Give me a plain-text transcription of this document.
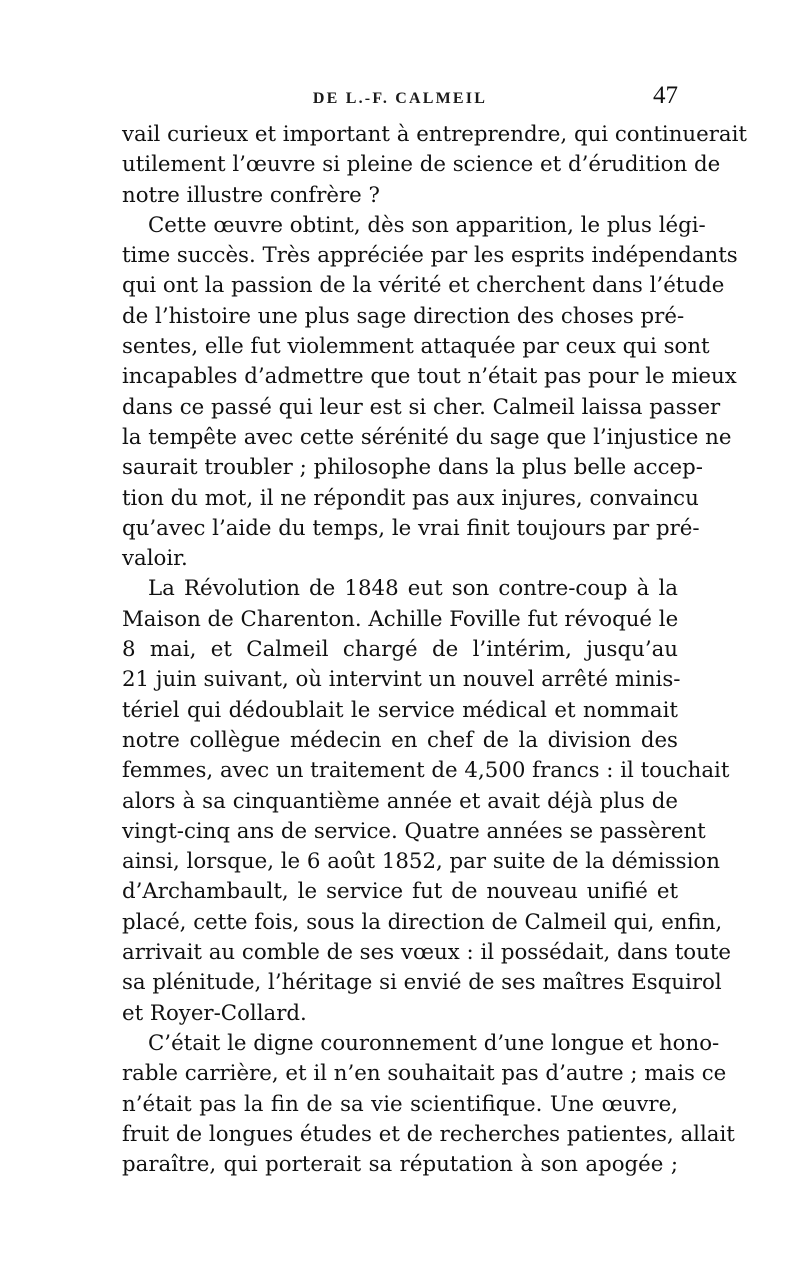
DE L.-F. CALMEIL	47
vail curieux et important à entreprendre, qui continuerait
utilement l’œuvre si pleine de science et d’érudition de
notre illustre confrère ?
Cette œuvre obtint, dès son apparition, le plus légi-
time succès. Très appréciée par les esprits indépendants
qui ont la passion de la vérité et cherchent dans l’étude
de l’histoire une plus sage direction des choses pré-
sentes, elle fut violemment attaquée par ceux qui sont
incapables d’admettre que tout n’était pas pour le mieux
dans ce passé qui leur est si cher. Calmeil laissa passer
la tempête avec cette sérénité du sage que l’injustice ne
saurait troubler ; philosophe dans la plus belle accep-
tion du mot, il ne répondit pas aux injures, convaincu
qu’avec l’aide du temps, le vrai finit toujours par pré-
valoir.
La Révolution de 1848 eut son contre-coup à la
Maison de Charenton. Achille Foville fut révoqué le
8 mai, et Calmeil chargé de l’intérim, jusqu’au
21 juin suivant, où intervint un nouvel arrêté minis-
tériel qui dédoublait le service médical et nommait
notre collègue médecin en chef de la division des
femmes, avec un traitement de 4,500 francs : il touchait
alors à sa cinquantième année et avait déjà plus de
vingt-cinq ans de service. Quatre années se passèrent
ainsi, lorsque, le 6 août 1852, par suite de la démission
d’Archambault, le service fut de nouveau unifié et
placé, cette fois, sous la direction de Calmeil qui, enfin,
arrivait au comble de ses vœux : il possédait, dans toute
sa plénitude, l’héritage si envié de ses maîtres Esquirol
et Royer-Collard.
C’était le digne couronnement d’une longue et hono-
rable carrière, et il n’en souhaitait pas d’autre ; mais ce
n’était pas la fin de sa vie scientifique. Une œuvre,
fruit de longues études et de recherches patientes, allait
paraître, qui porterait sa réputation à son apogée ;
